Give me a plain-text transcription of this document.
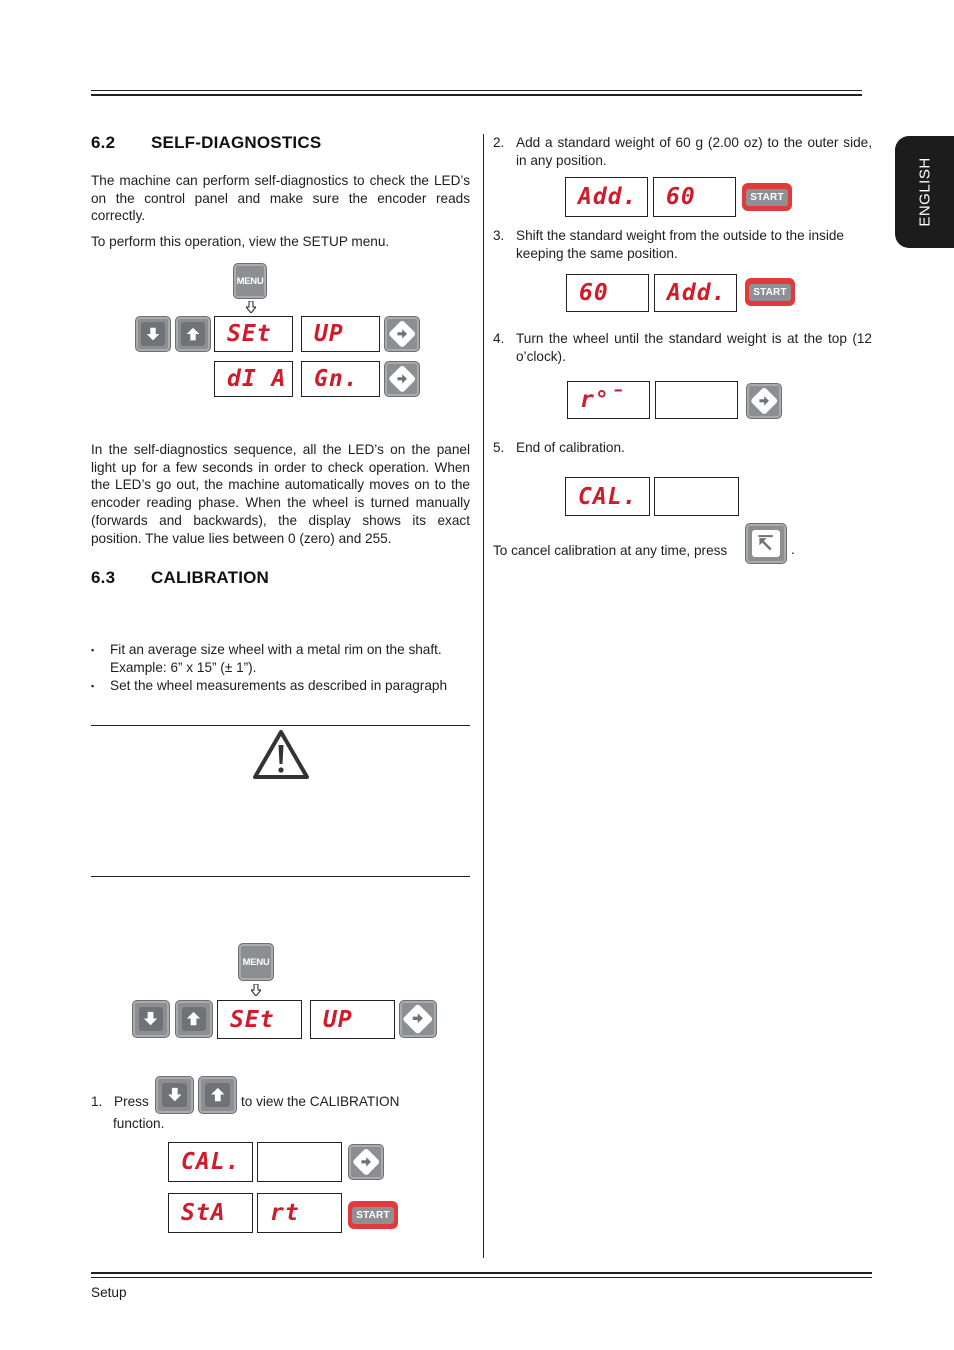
ENGLISH
6.2 SELF-DIAGNOSTICS
The machine can perform self-diagnostics to check the LED’s on the control panel and make sure the encoder reads correctly.
To perform this operation, view the SETUP menu.
MENU
SEt	UP
dI A	Gn.
In the self-diagnostics sequence, all the LED’s on the panel light up for a few seconds in order to check operation. When the LED’s go out, the machine automatically moves on to the encoder reading phase. When the wheel is turned manually (forwards and backwards), the display shows its exact position. The value lies between 0 (zero) and 255.
6.3 CALIBRATION
▪ Fit an average size wheel with a metal rim on the shaft. Example: 6” x 15” (± 1”).
▪ Set the wheel measurements as described in paragraph
MENU
SEt	UP
1. Press	to view the CALIBRATION
function.
CAL.
StA	rt	START
2. Add a standard weight of 60 g (2.00 oz) to the outer side, in any position.
Add.	60	START
3. Shift the standard weight from the outside to the inside keeping the same position.
60	Add.	START
4. Turn the wheel until the standard weight is at the top (12 o’clock).
r°ˉ
5. End of calibration.
CAL.
To cancel calibration at any time, press	.
Setup
